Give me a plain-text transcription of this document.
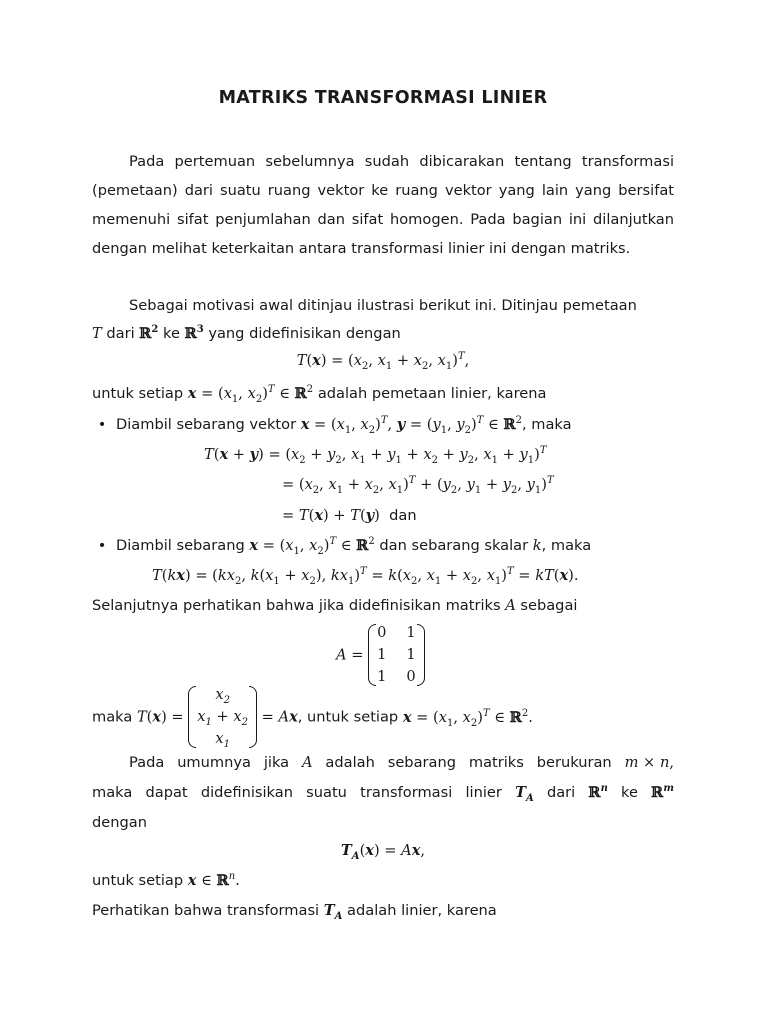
MATRIKS TRANSFORMASI LINIER
Pada pertemuan sebelumnya sudah dibicarakan tentang transformasi (pemetaan) dari suatu ruang vektor ke ruang vektor yang lain yang bersifat memenuhi sifat penjumlahan dan sifat homogen. Pada bagian ini dilanjutkan dengan melihat keterkaitan antara transformasi linier ini dengan matriks.
Sebagai motivasi awal ditinjau ilustrasi berikut ini. Ditinjau pemetaan
T dari ℝ$^2$ ke ℝ$^3$ yang didefinisikan dengan
$T(x) = (x_2$, $x_1 + x_2$, $x_1)^T$,
untuk setiap $x = (x_1$, $x_2)^T$ ∈ ℝ$^2$ adalah pemetaan linier, karena
• Diambil sebarang vektor $x = (x_1$, $x_2)^T$, $y = (y_1$, $y_2)^T$ ∈ ℝ$^2$, maka
$T(x + y) = (x_2 + y_2$, $x_1 + y_1 + x_2 + y_2$, $x_1 + y_1)^T$
= ($x_2$, $x_1 + x_2$, $x_1)^T + (y_2$, $y_1 + y_2$, $y_1)^T$
= T(x) + T(y) dan
• Diambil sebarang $x = (x_1$, $x_2)^T$ ∈ ℝ$^2$ dan sebarang skalar k, maka
$T(kx) = (kx_2$, $k(x_1 + x_2)$, $kx_1)^T = k(x_2$, $x_1 + x_2$, $x_1)^T = kT(x)$.
Selanjutnya perhatikan bahwa jika didefinisikan matriks A sebagai
A =
0 1
1 1
1 0
maka T(x) =
$x_2$
$x_1 + x_2$
$x_1$
= Ax, untuk setiap $x = (x_1$, $x_2)^T$ ∈ ℝ$^2$.
Pada umumnya jika A adalah sebarang matriks berukuran m × n,
maka dapat didefinisikan suatu transformasi linier $T_A$ dari ℝ$^n$ ke ℝ$^m$
dengan
$T_A(x) = Ax$,
untuk setiap x ∈ ℝ$^n$.
Perhatikan bahwa transformasi $T_A$ adalah linier, karena
